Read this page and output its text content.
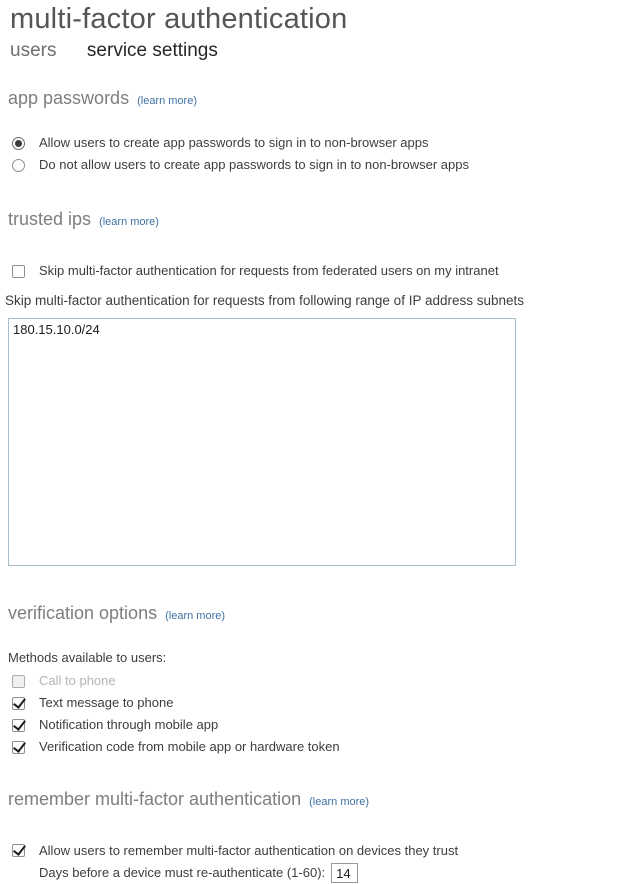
multi-factor authentication
users service settings
app passwords (learn more)
Allow users to create app passwords to sign in to non-browser apps
Do not allow users to create app passwords to sign in to non-browser apps
trusted ips (learn more)
Skip multi-factor authentication for requests from federated users on my intranet
Skip multi-factor authentication for requests from following range of IP address subnets
180.15.10.0/24
verification options (learn more)
Methods available to users:
Call to phone
Text message to phone
Notification through mobile app
Verification code from mobile app or hardware token
remember multi-factor authentication (learn more)
Allow users to remember multi-factor authentication on devices they trust
Days before a device must re-authenticate (1-60):
14
